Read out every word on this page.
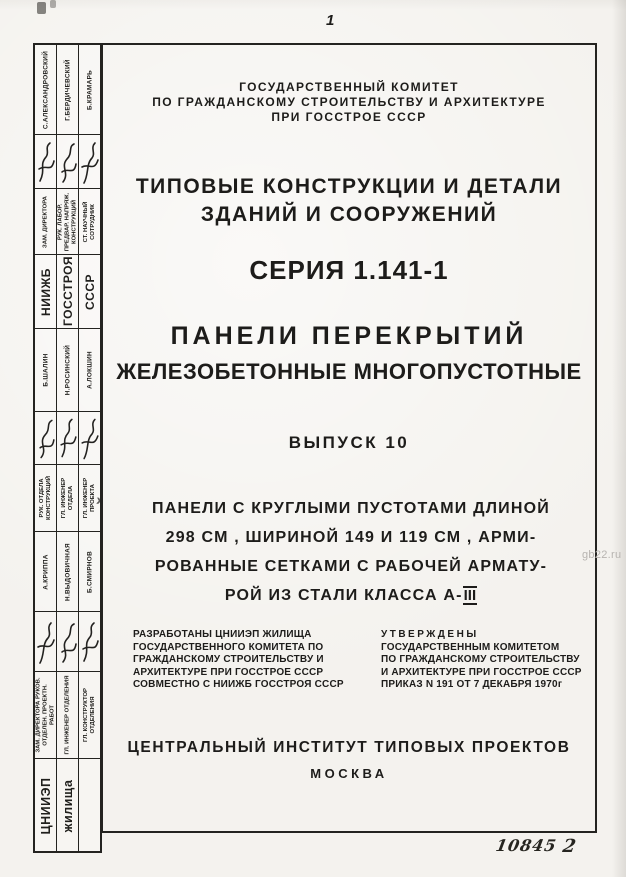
1
›
С.АЛЕКСАНДРОВСКИЙ Г.БЕРДИЧЕВСКИЙ Б.КРАМАРЬ
ЗАМ. ДИРЕКТОРА РУК. ЛАБОР. ПРЕДВАР. НАПРЯЖ. КОНСТРУКЦИЙ СТ. НАУЧНЫЙ СОТРУДНИК
НИИЖБ ГОССТРОЯ СССР
Б.ШАЛИН Н.РОСИНСКИЙ А.ЛОКШИН
РУК. ОТДЕЛА КОНСТРУКЦИЙ ГЛ. ИНЖЕНЕР ОТДЕЛА ГЛ. ИНЖЕНЕР ПРОЕКТА
А.КРИППА Н.ВЫДОВИЧНАЯ Б.СМИРНОВ
ЗАМ. ДИРЕКТОРА РУКОВ. ОТДЕЛЕН. ПРОЕКТН. РАБОТ ГЛ. ИНЖЕНЕР ОТДЕЛЕНИЯ ГЛ. КОНСТРУКТОР ОТДЕЛЕНИЯ
ЦНИИЭП жилища
ГОСУДАРСТВЕННЫЙ КОМИТЕТ
ПО ГРАЖДАНСКОМУ СТРОИТЕЛЬСТВУ И АРХИТЕКТУРЕ
ПРИ ГОССТРОЕ СССР
ТИПОВЫЕ КОНСТРУКЦИИ И ДЕТАЛИ
ЗДАНИЙ И СООРУЖЕНИЙ
СЕРИЯ 1.141-1
ПАНЕЛИ ПЕРЕКРЫТИЙ
ЖЕЛЕЗОБЕТОННЫЕ МНОГОПУСТОТНЫЕ
ВЫПУСК 10
ПАНЕЛИ С КРУГЛЫМИ ПУСТОТАМИ ДЛИНОЙ
298 СМ , ШИРИНОЙ 149 И 119 СМ , АРМИ-
РОВАННЫЕ СЕТКАМИ С РАБОЧЕЙ АРМАТУ-
РОЙ ИЗ СТАЛИ КЛАССА А-III
РАЗРАБОТАНЫ ЦНИИЭП ЖИЛИЩА
ГОСУДАРСТВЕННОГО КОМИТЕТА ПО
ГРАЖДАНСКОМУ СТРОИТЕЛЬСТВУ И
АРХИТЕКТУРЕ ПРИ ГОССТРОЕ СССР
СОВМЕСТНО С НИИЖБ ГОССТРОЯ СССР
УТВЕРЖДЕНЫ
ГОСУДАРСТВЕННЫМ КОМИТЕТОМ
ПО ГРАЖДАНСКОМУ СТРОИТЕЛЬСТВУ
И АРХИТЕКТУРЕ ПРИ ГОССТРОЕ СССР
ПРИКАЗ N 191 ОТ 7 ДЕКАБРЯ 1970г
ЦЕНТРАЛЬНЫЙ ИНСТИТУТ ТИПОВЫХ ПРОЕКТОВ
МОСКВА
gb22.ru
10845 2
